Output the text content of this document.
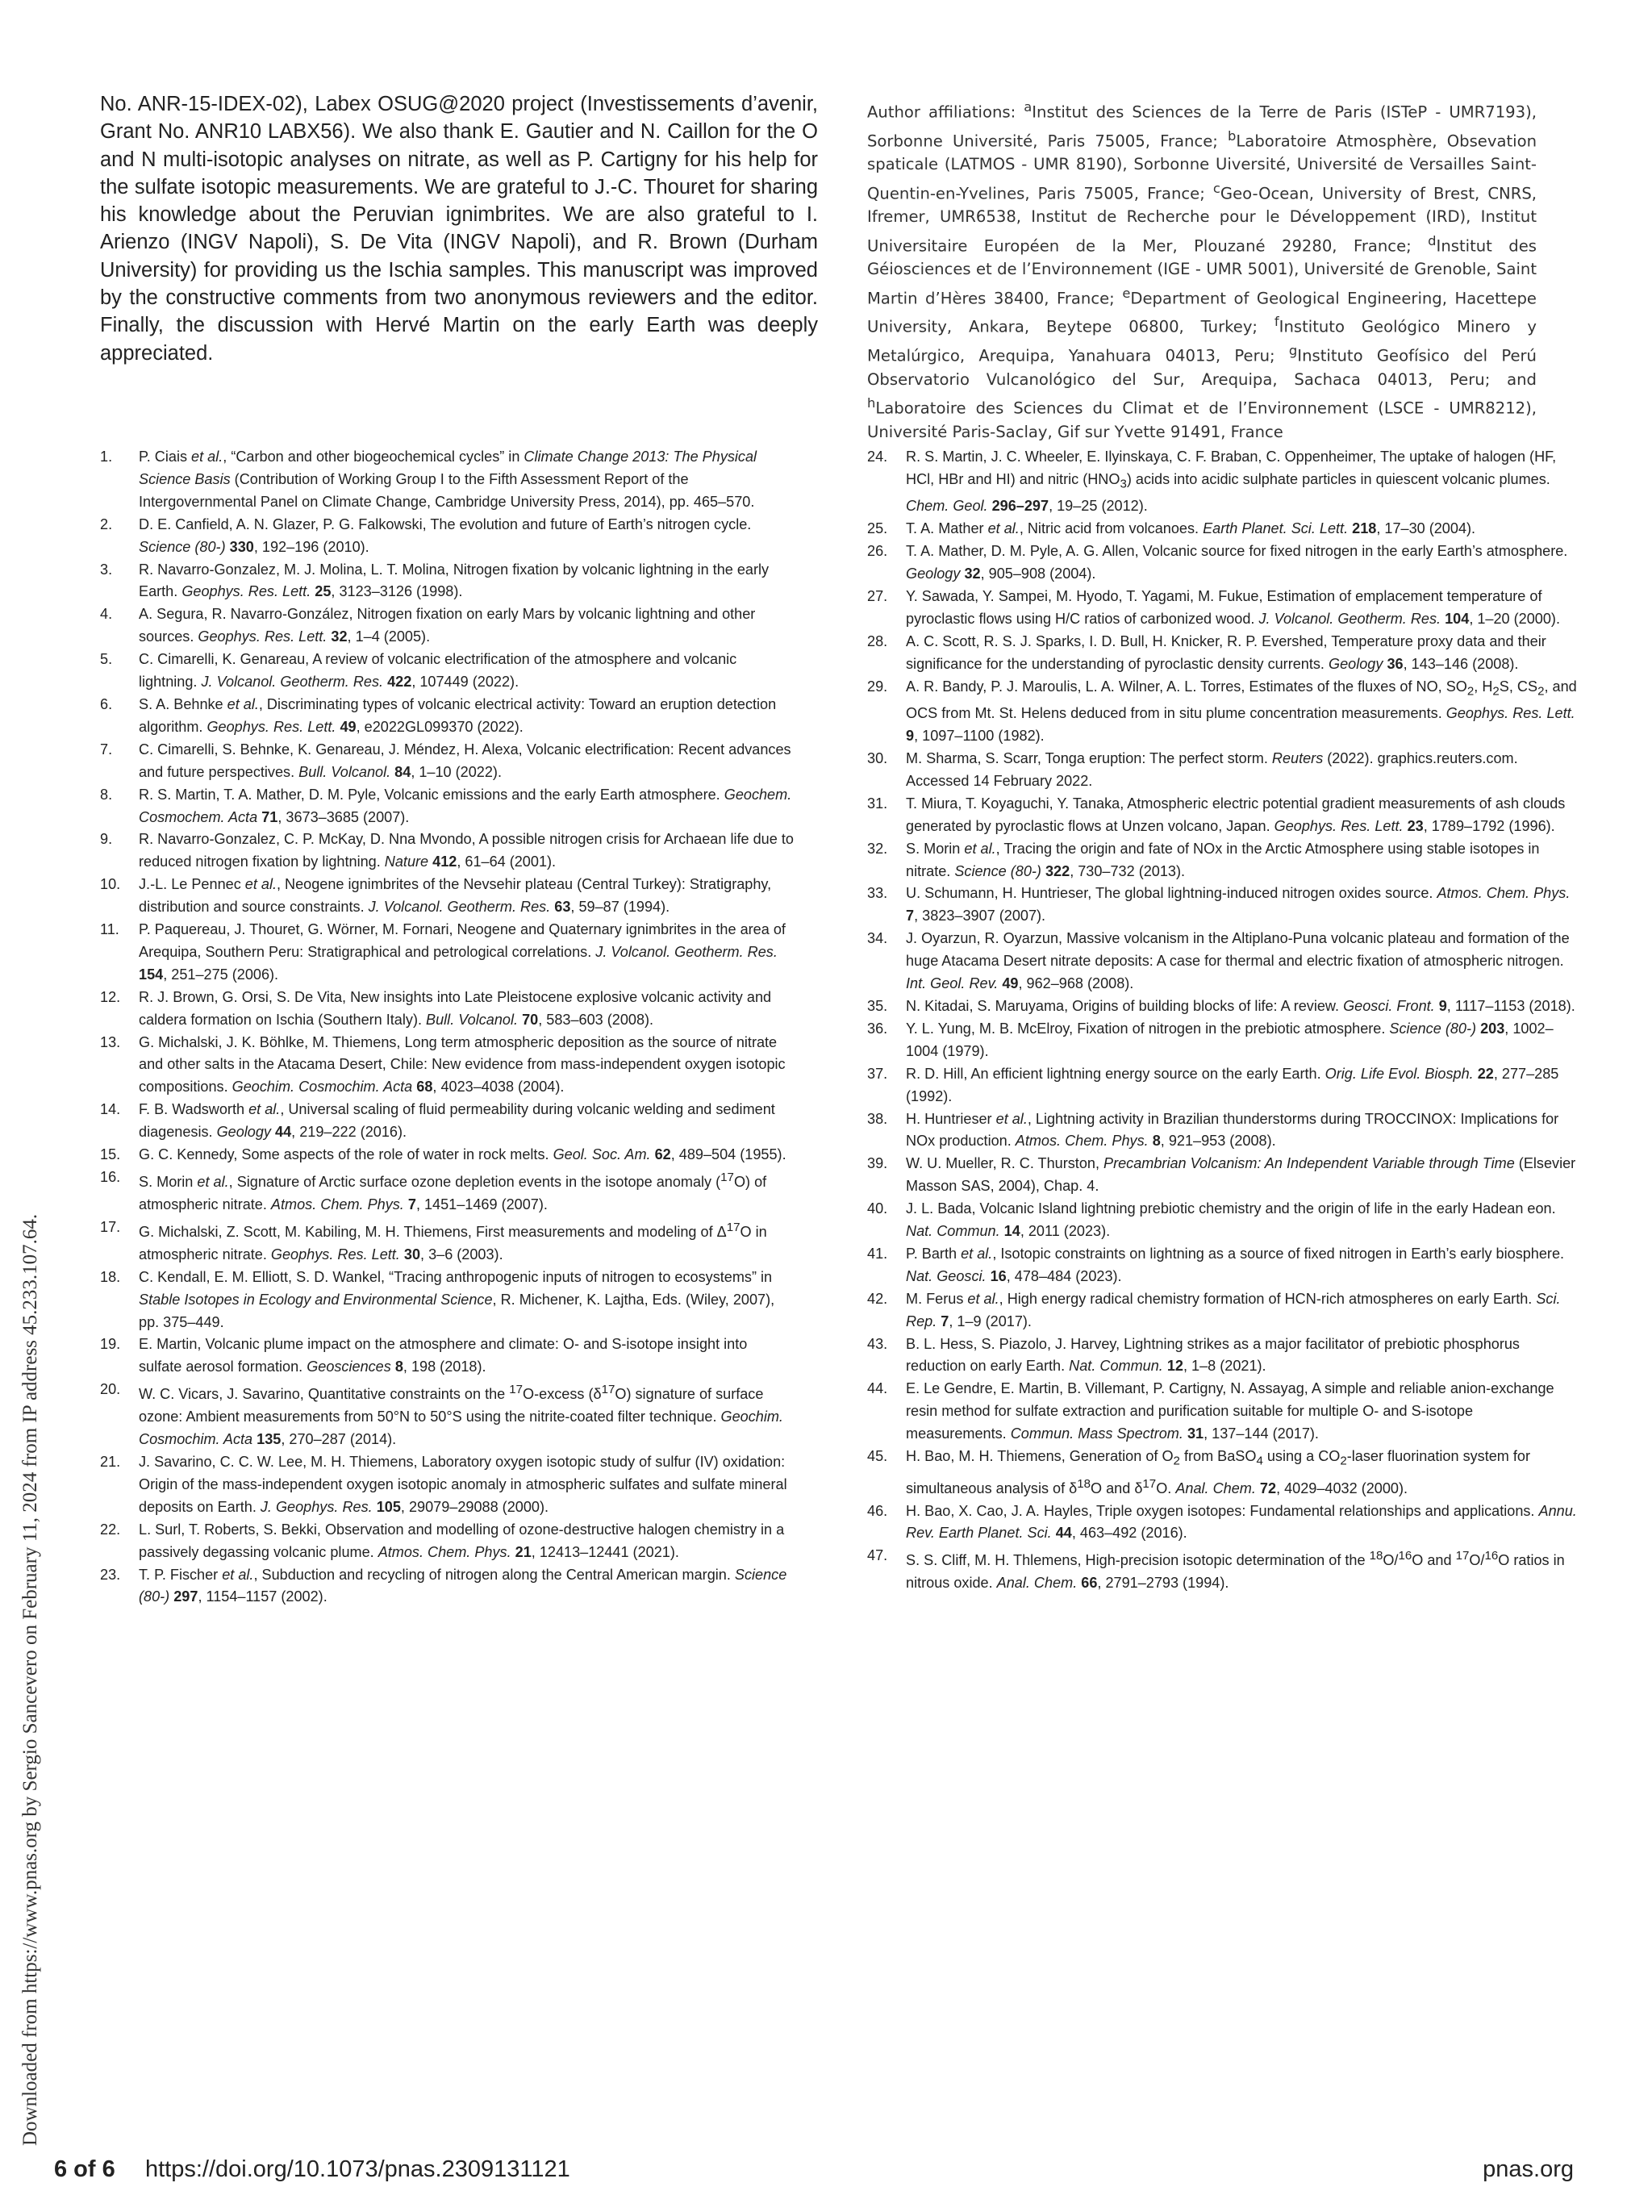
No. ANR-15-IDEX-02), Labex OSUG@2020 project (Investissements d’avenir, Grant No. ANR10 LABX56). We also thank E. Gautier and N. Caillon for the O and N multi-isotopic analyses on nitrate, as well as P. Cartigny for his help for the sulfate isotopic measurements. We are grateful to J.-C. Thouret for sharing his knowledge about the Peruvian ignimbrites. We are also grateful to I. Arienzo (INGV Napoli), S. De Vita (INGV Napoli), and R. Brown (Durham University) for providing us the Ischia samples. This manuscript was improved by the constructive comments from two anonymous reviewers and the editor. Finally, the discussion with Hervé Martin on the early Earth was deeply appreciated.
Author affiliations: $^a$Institut des Sciences de la Terre de Paris (ISTeP - UMR7193), Sorbonne Université, Paris 75005, France; $^b$Laboratoire Atmosphère, Obsevation spaticale (LATMOS - UMR 8190), Sorbonne Uiversité, Université de Versailles Saint-Quentin-en-Yvelines, Paris 75005, France; $^c$Geo-Ocean, University of Brest, CNRS, Ifremer, UMR6538, Institut de Recherche pour le Développement (IRD), Institut Universitaire Européen de la Mer, Plouzané 29280, France; $^d$Institut des Géiosciences et de l’Environnement (IGE - UMR 5001), Université de Grenoble, Saint Martin d’Hères 38400, France; $^e$Department of Geological Engineering, Hacettepe University, Ankara, Beytepe 06800, Turkey; $^f$Instituto Geológico Minero y Metalúrgico, Arequipa, Yanahuara 04013, Peru; $^g$Instituto Geofísico del Perú Observatorio Vulcanológico del Sur, Arequipa, Sachaca 04013, Peru; and $^h$Laboratoire des Sciences du Climat et de l’Environnement (LSCE - UMR8212), Université Paris-Saclay, Gif sur Yvette 91491, France
1. P. Ciais et al., “Carbon and other biogeochemical cycles” in Climate Change 2013: The Physical Science Basis (Contribution of Working Group I to the Fifth Assessment Report of the Intergovernmental Panel on Climate Change, Cambridge University Press, 2014), pp. 465–570.
2. D. E. Canfield, A. N. Glazer, P. G. Falkowski, The evolution and future of Earth’s nitrogen cycle. Science (80-) 330, 192–196 (2010).
3. R. Navarro-Gonzalez, M. J. Molina, L. T. Molina, Nitrogen fixation by volcanic lightning in the early Earth. Geophys. Res. Lett. 25, 3123–3126 (1998).
4. A. Segura, R. Navarro-González, Nitrogen fixation on early Mars by volcanic lightning and other sources. Geophys. Res. Lett. 32, 1–4 (2005).
5. C. Cimarelli, K. Genareau, A review of volcanic electrification of the atmosphere and volcanic lightning. J. Volcanol. Geotherm. Res. 422, 107449 (2022).
6. S. A. Behnke et al., Discriminating types of volcanic electrical activity: Toward an eruption detection algorithm. Geophys. Res. Lett. 49, e2022GL099370 (2022).
7. C. Cimarelli, S. Behnke, K. Genareau, J. Méndez, H. Alexa, Volcanic electrification: Recent advances and future perspectives. Bull. Volcanol. 84, 1–10 (2022).
8. R. S. Martin, T. A. Mather, D. M. Pyle, Volcanic emissions and the early Earth atmosphere. Geochem. Cosmochem. Acta 71, 3673–3685 (2007).
9. R. Navarro-Gonzalez, C. P. McKay, D. Nna Mvondo, A possible nitrogen crisis for Archaean life due to reduced nitrogen fixation by lightning. Nature 412, 61–64 (2001).
10. J.-L. Le Pennec et al., Neogene ignimbrites of the Nevsehir plateau (Central Turkey): Stratigraphy, distribution and source constraints. J. Volcanol. Geotherm. Res. 63, 59–87 (1994).
11. P. Paquereau, J. Thouret, G. Wörner, M. Fornari, Neogene and Quaternary ignimbrites in the area of Arequipa, Southern Peru: Stratigraphical and petrological correlations. J. Volcanol. Geotherm. Res. 154, 251–275 (2006).
12. R. J. Brown, G. Orsi, S. De Vita, New insights into Late Pleistocene explosive volcanic activity and caldera formation on Ischia (Southern Italy). Bull. Volcanol. 70, 583–603 (2008).
13. G. Michalski, J. K. Böhlke, M. Thiemens, Long term atmospheric deposition as the source of nitrate and other salts in the Atacama Desert, Chile: New evidence from mass-independent oxygen isotopic compositions. Geochim. Cosmochim. Acta 68, 4023–4038 (2004).
14. F. B. Wadsworth et al., Universal scaling of fluid permeability during volcanic welding and sediment diagenesis. Geology 44, 219–222 (2016).
15. G. C. Kennedy, Some aspects of the role of water in rock melts. Geol. Soc. Am. 62, 489–504 (1955).
16. S. Morin et al., Signature of Arctic surface ozone depletion events in the isotope anomaly ($^{17}$O) of atmospheric nitrate. Atmos. Chem. Phys. 7, 1451–1469 (2007).
17. G. Michalski, Z. Scott, M. Kabiling, M. H. Thiemens, First measurements and modeling of $\Delta^{17}O$ in atmospheric nitrate. Geophys. Res. Lett. 30, 3–6 (2003).
18. C. Kendall, E. M. Elliott, S. D. Wankel, “Tracing anthropogenic inputs of nitrogen to ecosystems” in Stable Isotopes in Ecology and Environmental Science, R. Michener, K. Lajtha, Eds. (Wiley, 2007), pp. 375–449.
19. E. Martin, Volcanic plume impact on the atmosphere and climate: O- and S-isotope insight into sulfate aerosol formation. Geosciences 8, 198 (2018).
20. W. C. Vicars, J. Savarino, Quantitative constraints on the $^{17}$O-excess $(\delta^{17}O)$ signature of surface ozone: Ambient measurements from 50°N to 50°S using the nitrite-coated filter technique. Geochim. Cosmochim. Acta 135, 270–287 (2014).
21. J. Savarino, C. C. W. Lee, M. H. Thiemens, Laboratory oxygen isotopic study of sulfur (IV) oxidation: Origin of the mass-independent oxygen isotopic anomaly in atmospheric sulfates and sulfate mineral deposits on Earth. J. Geophys. Res. 105, 29079–29088 (2000).
22. L. Surl, T. Roberts, S. Bekki, Observation and modelling of ozone-destructive halogen chemistry in a passively degassing volcanic plume. Atmos. Chem. Phys. 21, 12413–12441 (2021).
23. T. P. Fischer et al., Subduction and recycling of nitrogen along the Central American margin. Science (80-) 297, 1154–1157 (2002).
24. R. S. Martin, J. C. Wheeler, E. Ilyinskaya, C. F. Braban, C. Oppenheimer, The uptake of halogen (HF, HCl, HBr and HI) and nitric $(HNO_3)$ acids into acidic sulphate particles in quiescent volcanic plumes. Chem. Geol. 296–297, 19–25 (2012).
25. T. A. Mather et al., Nitric acid from volcanoes. Earth Planet. Sci. Lett. 218, 17–30 (2004).
26. T. A. Mather, D. M. Pyle, A. G. Allen, Volcanic source for fixed nitrogen in the early Earth’s atmosphere. Geology 32, 905–908 (2004).
27. Y. Sawada, Y. Sampei, M. Hyodo, T. Yagami, M. Fukue, Estimation of emplacement temperature of pyroclastic flows using H/C ratios of carbonized wood. J. Volcanol. Geotherm. Res. 104, 1–20 (2000).
28. A. C. Scott, R. S. J. Sparks, I. D. Bull, H. Knicker, R. P. Evershed, Temperature proxy data and their significance for the understanding of pyroclastic density currents. Geology 36, 143–146 (2008).
29. A. R. Bandy, P. J. Maroulis, L. A. Wilner, A. L. Torres, Estimates of the fluxes of NO, $SO_2$, $H_2S$, $CS_2$, and OCS from Mt. St. Helens deduced from in situ plume concentration measurements. Geophys. Res. Lett. 9, 1097–1100 (1982).
30. M. Sharma, S. Scarr, Tonga eruption: The perfect storm. Reuters (2022). graphics.reuters.com. Accessed 14 February 2022.
31. T. Miura, T. Koyaguchi, Y. Tanaka, Atmospheric electric potential gradient measurements of ash clouds generated by pyroclastic flows at Unzen volcano, Japan. Geophys. Res. Lett. 23, 1789–1792 (1996).
32. S. Morin et al., Tracing the origin and fate of NOx in the Arctic Atmosphere using stable isotopes in nitrate. Science (80-) 322, 730–732 (2013).
33. U. Schumann, H. Huntrieser, The global lightning-induced nitrogen oxides source. Atmos. Chem. Phys. 7, 3823–3907 (2007).
34. J. Oyarzun, R. Oyarzun, Massive volcanism in the Altiplano-Puna volcanic plateau and formation of the huge Atacama Desert nitrate deposits: A case for thermal and electric fixation of atmospheric nitrogen. Int. Geol. Rev. 49, 962–968 (2008).
35. N. Kitadai, S. Maruyama, Origins of building blocks of life: A review. Geosci. Front. 9, 1117–1153 (2018).
36. Y. L. Yung, M. B. McElroy, Fixation of nitrogen in the prebiotic atmosphere. Science (80-) 203, 1002–1004 (1979).
37. R. D. Hill, An efficient lightning energy source on the early Earth. Orig. Life Evol. Biosph. 22, 277–285 (1992).
38. H. Huntrieser et al., Lightning activity in Brazilian thunderstorms during TROCCINOX: Implications for NOx production. Atmos. Chem. Phys. 8, 921–953 (2008).
39. W. U. Mueller, R. C. Thurston, Precambrian Volcanism: An Independent Variable through Time (Elsevier Masson SAS, 2004), Chap. 4.
40. J. L. Bada, Volcanic Island lightning prebiotic chemistry and the origin of life in the early Hadean eon. Nat. Commun. 14, 2011 (2023).
41. P. Barth et al., Isotopic constraints on lightning as a source of fixed nitrogen in Earth’s early biosphere. Nat. Geosci. 16, 478–484 (2023).
42. M. Ferus et al., High energy radical chemistry formation of HCN-rich atmospheres on early Earth. Sci. Rep. 7, 1–9 (2017).
43. B. L. Hess, S. Piazolo, J. Harvey, Lightning strikes as a major facilitator of prebiotic phosphorus reduction on early Earth. Nat. Commun. 12, 1–8 (2021).
44. E. Le Gendre, E. Martin, B. Villemant, P. Cartigny, N. Assayag, A simple and reliable anion-exchange resin method for sulfate extraction and purification suitable for multiple O- and S-isotope measurements. Commun. Mass Spectrom. 31, 137–144 (2017).
45. H. Bao, M. H. Thiemens, Generation of $O_2$ from BaSO$_4$ using a $CO_2$-laser fluorination system for simultaneous analysis of $\delta^{18}O$ and $\delta^{17}O$. Anal. Chem. 72, 4029–4032 (2000).
46. H. Bao, X. Cao, J. A. Hayles, Triple oxygen isotopes: Fundamental relationships and applications. Annu. Rev. Earth Planet. Sci. 44, 463–492 (2016).
47. S. S. Cliff, M. H. Thlemens, High-precision isotopic determination of the $^{18}$O/$^{16}$O and $^{17}$O/$^{16}$O ratios in nitrous oxide. Anal. Chem. 66, 2791–2793 (1994).
Downloaded from https://www.pnas.org by Sergio Sancevero on February 11, 2024 from IP address 45.233.107.64.
6 of 6 https://doi.org/10.1073/pnas.2309131121	pnas.org
